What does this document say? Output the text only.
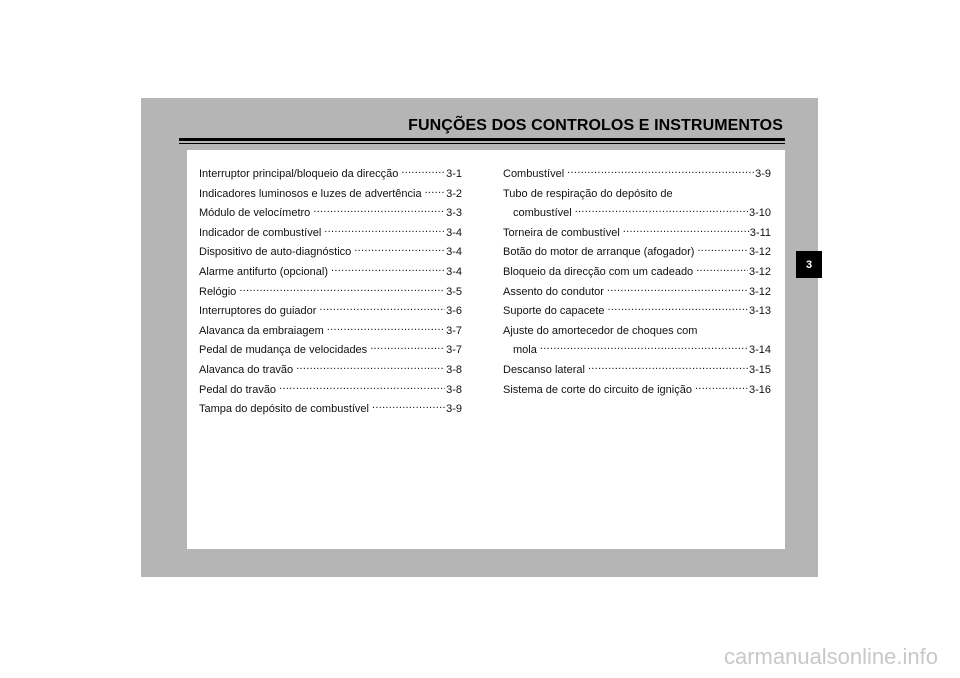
FUNÇÕES DOS CONTROLOS E INSTRUMENTOS
Interruptor principal/bloqueio da direcção .....	3-1
Indicadores luminosos e luzes de advertência ..... 3-2
Módulo de velocímetro .....	3-3
Indicador de combustível .....	3-4
Dispositivo de auto-diagnóstico .....	3-4
Alarme antifurto (opcional) .....	3-4
Relógio .....	3-5
Interruptores do guiador .....	3-6
Alavanca da embraiagem .....	3-7
Pedal de mudança de velocidades .....	3-7
Alavanca do travão .....	3-8
Pedal do travão .....	3-8
Tampa do depósito de combustível .....	3-9
Combustível .....	3-9
Tubo de respiração do depósito de
combustível .....	3-10
Torneira de combustível .....	3-11
Botão do motor de arranque (afogador) .....	3-12
Bloqueio da direcção com um cadeado .....	3-12
Assento do condutor .....	3-12
Suporte do capacete .....	3-13
Ajuste do amortecedor de choques com
mola .....	3-14
Descanso lateral .....	3-15
Sistema de corte do circuito de ignição .....	3-16
3
carmanualsonline.info
